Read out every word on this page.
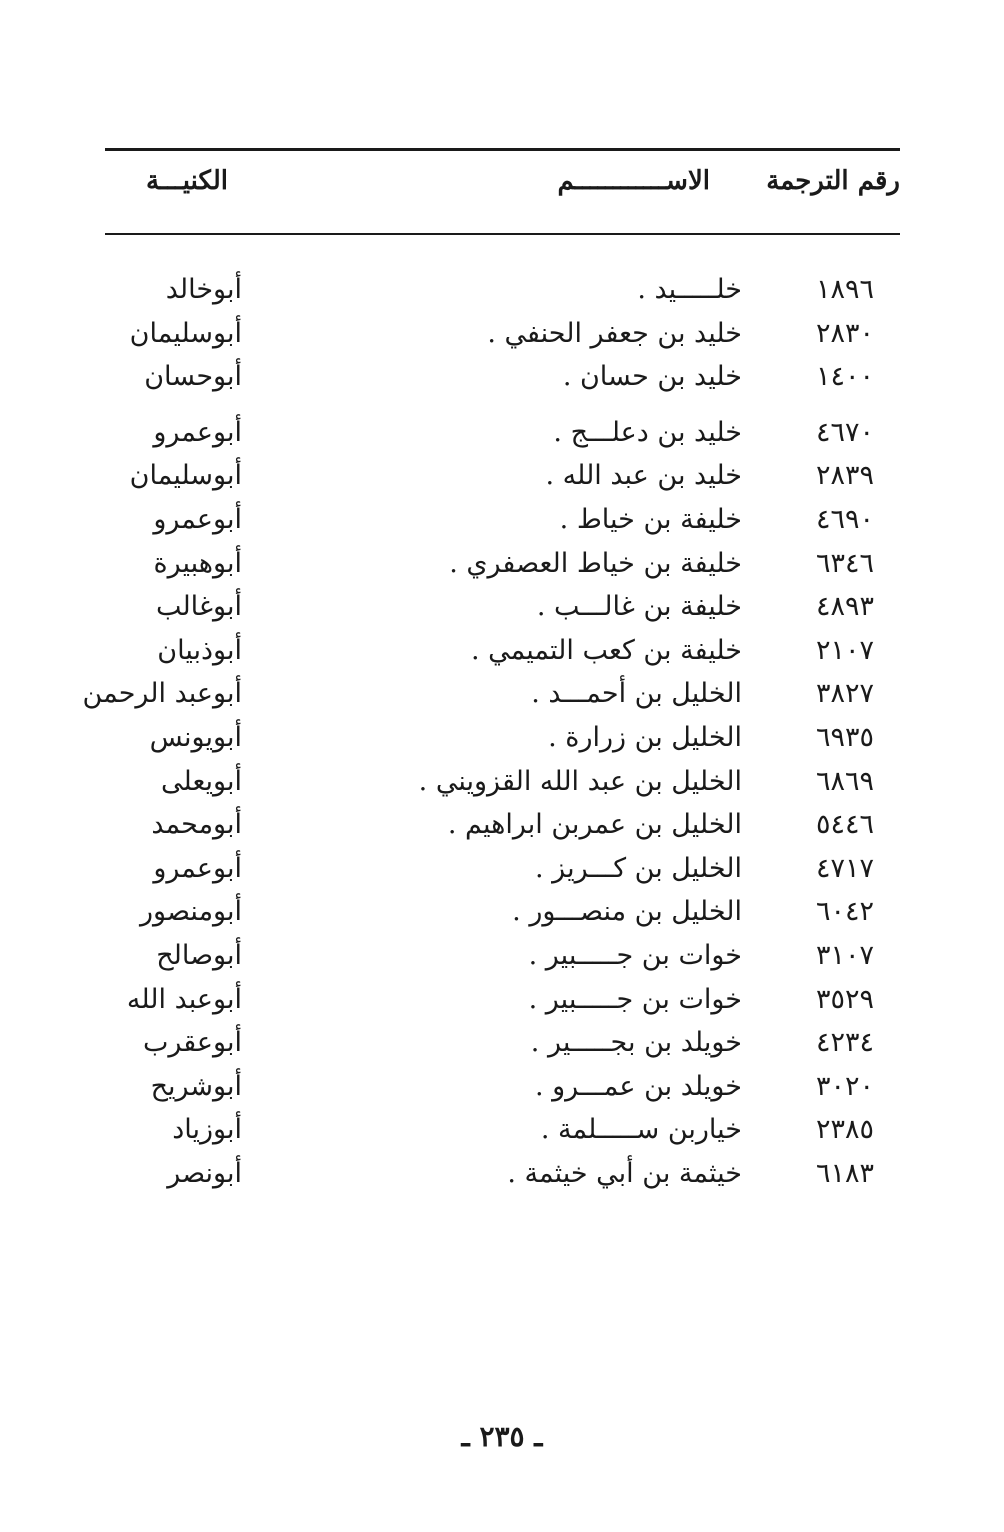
رقم الترجمة
الاســــــــــــم
الكنيـــة
١٨٩٦
خلـــــيد .
أبوخالد
٢٨٣٠
خليد بن جعفر الحنفي .
أبوسليمان
١٤٠٠
خليد بن حسان .
أبوحسان
٤٦٧٠
خليد بن دعلـــج .
أبوعمرو
٢٨٣٩
خليد بن عبد الله .
أبوسليمان
٤٦٩٠
خليفة بن خياط .
أبوعمرو
٦٣٤٦
خليفة بن خياط العصفري .
أبوهبيرة
٤٨٩٣
خليفة بن غالـــب .
أبوغالب
٢١٠٧
خليفة بن كعب التميمي .
أبوذبيان
٣٨٢٧
الخليل بن أحمـــد .
أبوعبد الرحمن
٦٩٣٥
الخليل بن زرارة .
أبويونس
٦٨٦٩
الخليل بن عبد الله القزويني .
أبويعلى
٥٤٤٦
الخليل بن عمربن ابراهيم .
أبومحمد
٤٧١٧
الخليل بن كـــريز .
أبوعمرو
٦٠٤٢
الخليل بن منصـــور .
أبومنصور
٣١٠٧
خوات بن جـــــبير .
أبوصالح
٣٥٢٩
خوات بن جـــــبير .
أبوعبد الله
٤٢٣٤
خويلد بن بجـــــير .
أبوعقرب
٣٠٢٠
خويلد بن عمـــرو .
أبوشريح
٢٣٨٥
خياربن ســـــلمة .
أبوزياد
٦١٨٣
خيثمة بن أبي خيثمة .
أبونصر
ـ ٢٣٥ ـ
